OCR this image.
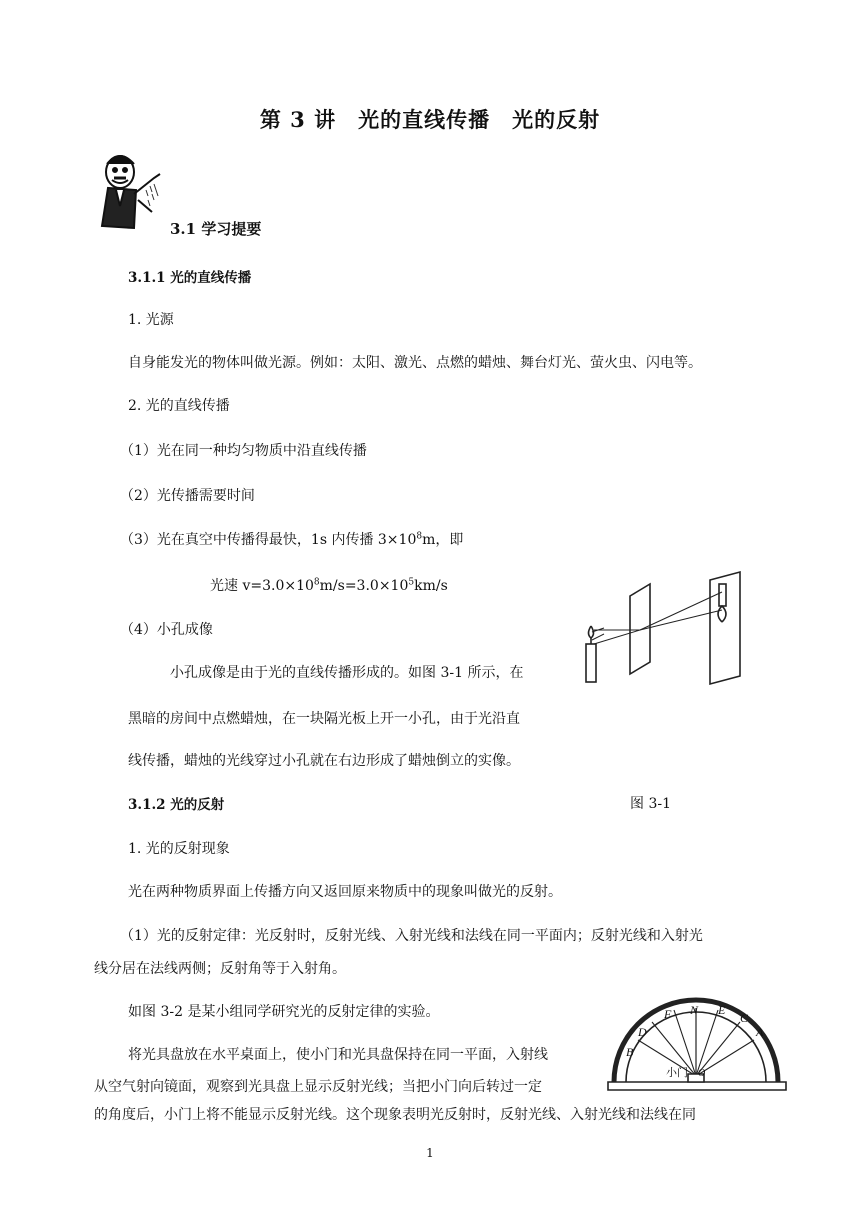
第 3 讲　光的直线传播　光的反射
3.1 学习提要
3.1.1 光的直线传播
1. 光源
自身能发光的物体叫做光源。例如：太阳、激光、点燃的蜡烛、舞台灯光、萤火虫、闪电等。
2. 光的直线传播
（1）光在同一种均匀物质中沿直线传播
（2）光传播需要时间
（3）光在真空中传播得最快，1s 内传播 $3\times 10^8m$，即
光速 $v=3.0\times 10^8m/s=3.0\times 10^5km/s$
（4）小孔成像
小孔成像是由于光的直线传播形成的。如图 3-1 所示，在
黑暗的房间中点燃蜡烛，在一块隔光板上开一小孔，由于光沿直
线传播，蜡烛的光线穿过小孔就在右边形成了蜡烛倒立的实像。
3.1.2 光的反射	图 3-1
1. 光的反射现象
光在两种物质界面上传播方向又返回原来物质中的现象叫做光的反射。
（1）光的反射定律：光反射时，反射光线、入射光线和法线在同一平面内；反射光线和入射光
线分居在法线两侧；反射角等于入射角。
如图 3-2 是某小组同学研究光的反射定律的实验。
将光具盘放在水平桌面上，使小门和光具盘保持在同一平面，入射线
从空气射向镜面，观察到光具盘上显示反射光线；当把小门向后转过一定
的角度后，小门上将不能显示反射光线。这个现象表明光反射时，反射光线、入射光线和法线在同
B
D
F N E
C
A
O
小门
1
